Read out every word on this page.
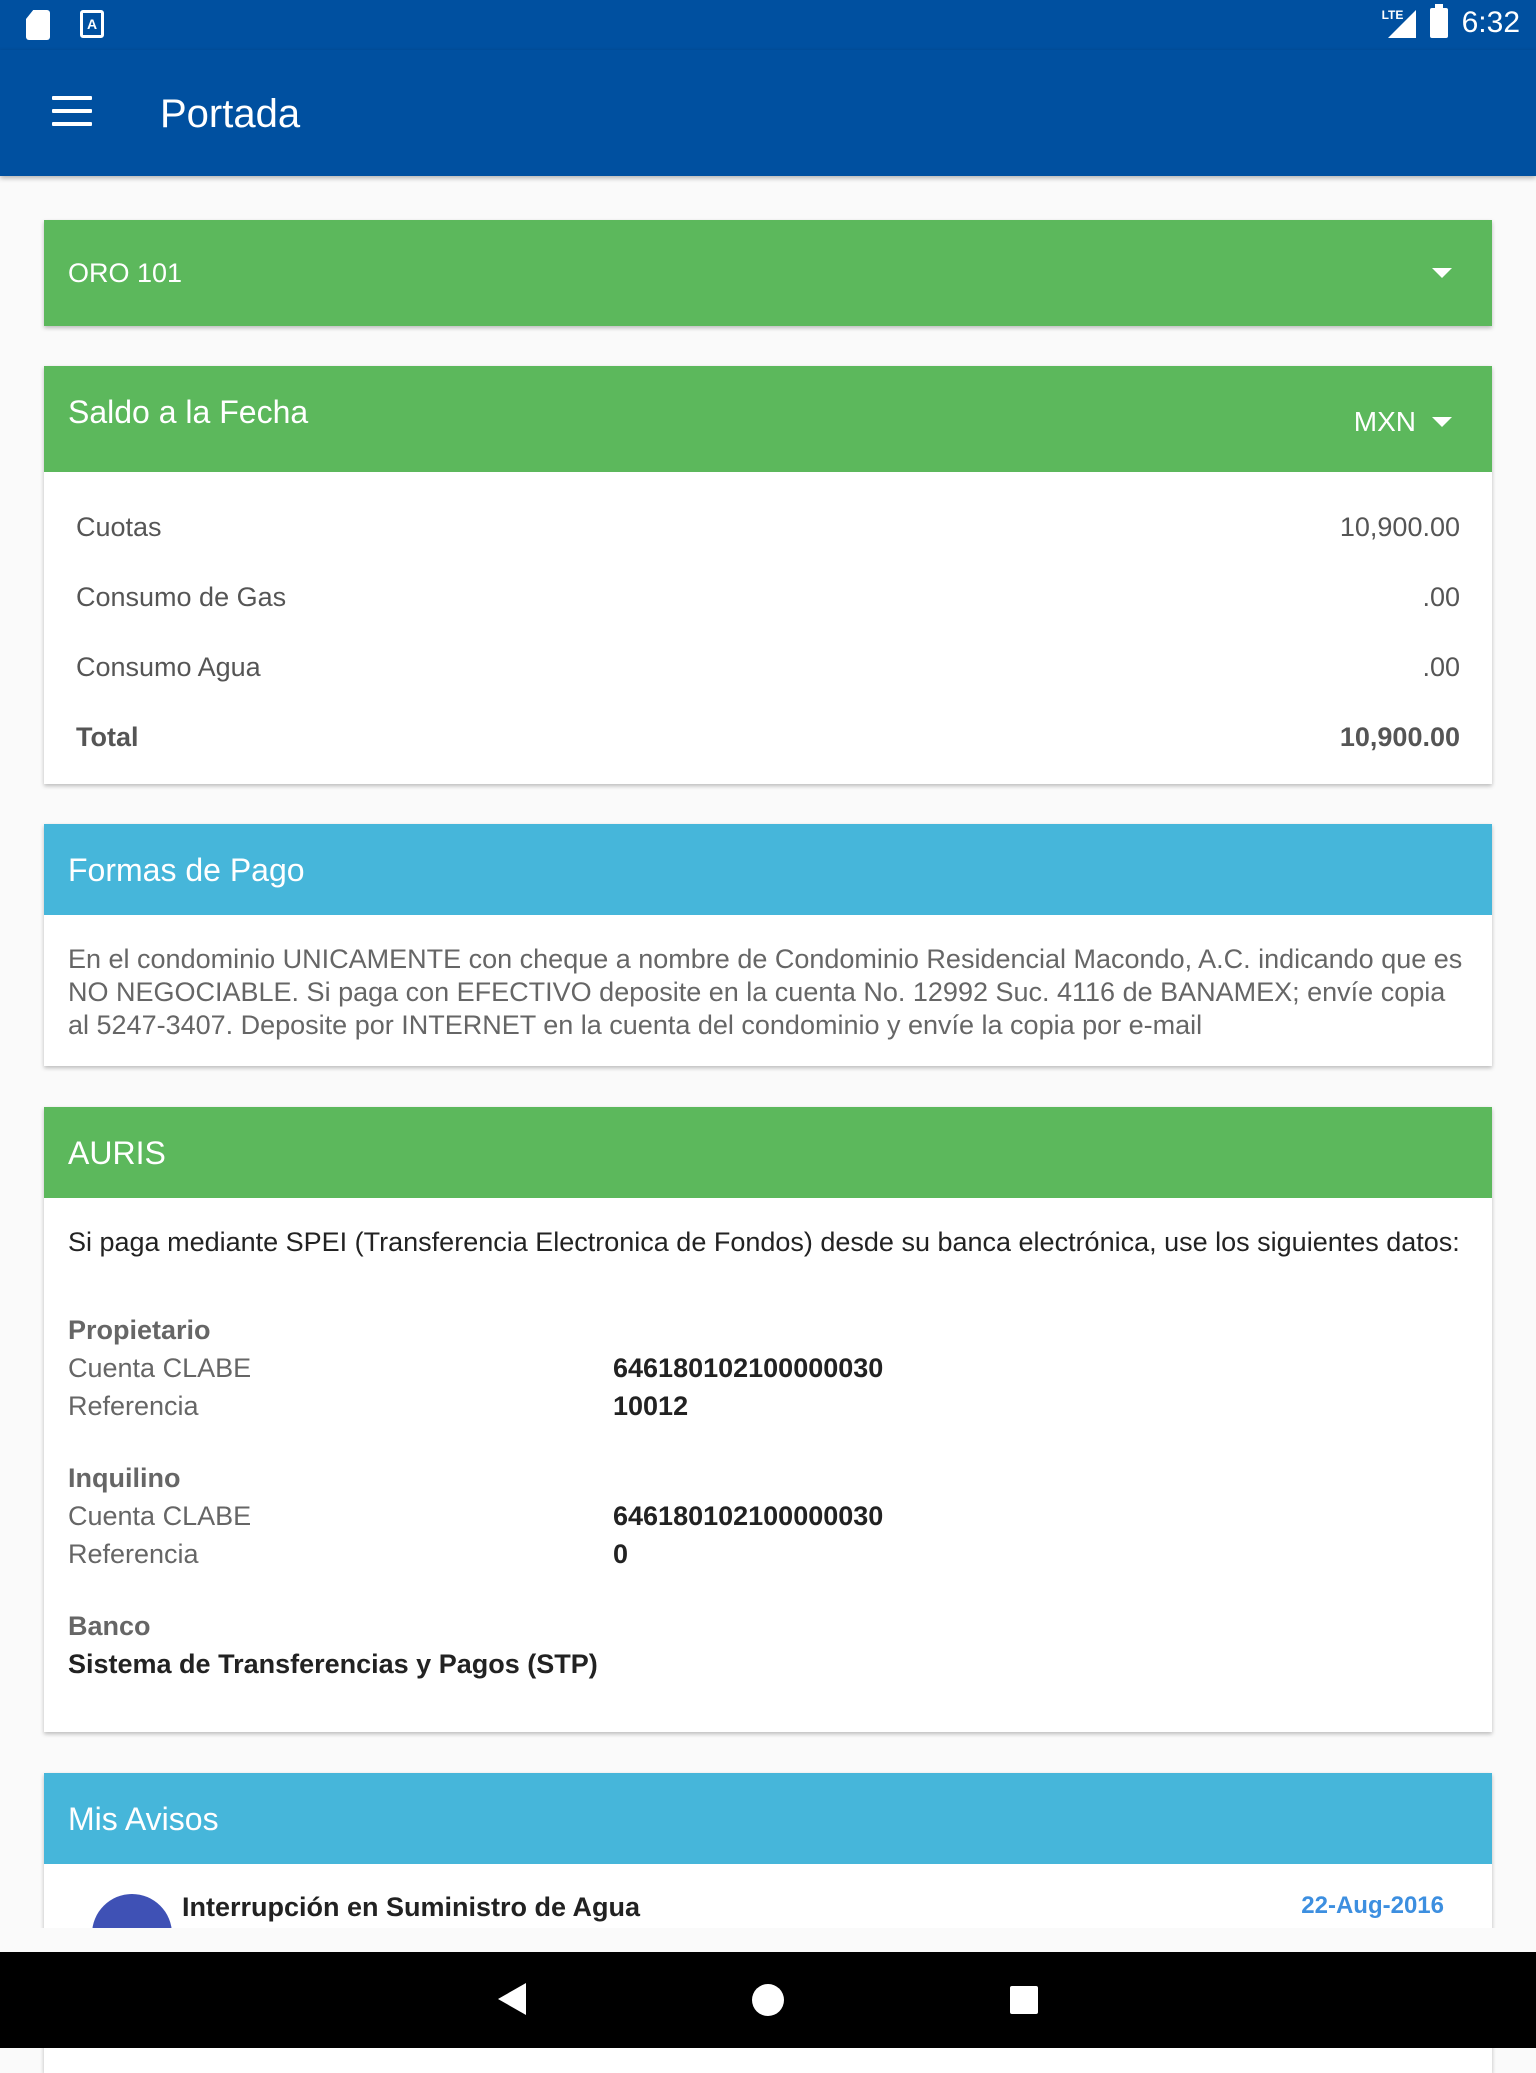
A
LTE 6:32
Portada
ORO 101
Saldo a la Fecha	MXN
Cuotas	10,900.00
Consumo de Gas	.00
Consumo Agua	.00
Total	10,900.00
Formas de Pago
En el condominio UNICAMENTE con cheque a nombre de Condominio Residencial Macondo, A.C. indicando que es NO NEGOCIABLE. Si paga con EFECTIVO deposite en la cuenta No. 12992 Suc. 4116 de BANAMEX; envíe copia al 5247-3407. Deposite por INTERNET en la cuenta del condominio y envíe la copia por e-mail
AURIS
Si paga mediante SPEI (Transferencia Electronica de Fondos) desde su banca electrónica, use los siguientes datos:
Propietario
Cuenta CLABE	646180102100000030
Referencia	10012
Inquilino
Cuenta CLABE	646180102100000030
Referencia	0
Banco
Sistema de Transferencias y Pagos (STP)
Mis Avisos
Interrupción en Suministro de Agua	22-Aug-2016
